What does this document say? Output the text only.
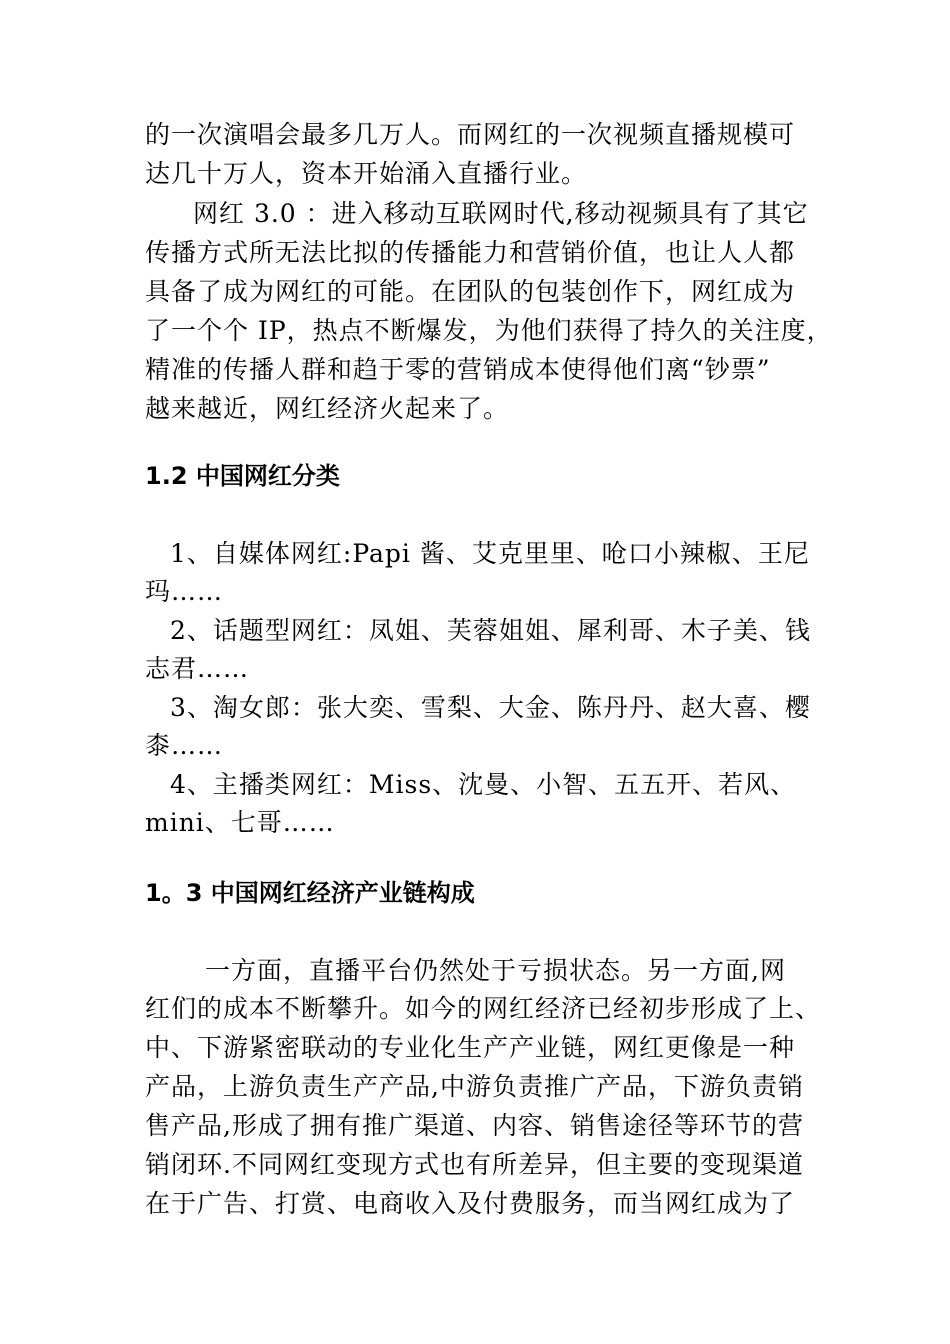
的一次演唱会最多几万人。而网红的一次视频直播规模可
达几十万人，资本开始涌入直播行业。
网红 3.0 ：进入移动互联网时代,移动视频具有了其它
传播方式所无法比拟的传播能力和营销价值，也让人人都
具备了成为网红的可能。在团队的包装创作下，网红成为
了一个个 IP，热点不断爆发，为他们获得了持久的关注度，
精准的传播人群和趋于零的营销成本使得他们离“钞票”
越来越近，网红经济火起来了。
1.2 中国网红分类
1、自媒体网红:Papi 酱、艾克里里、呛口小辣椒、王尼
玛……
2、话题型网红：凤姐、芙蓉姐姐、犀利哥、木子美、钱
志君……
3、淘女郎：张大奕、雪梨、大金、陈丹丹、赵大喜、樱
桼……
4、主播类网红：Miss、沈曼、小智、五五开、若风、
mini、七哥……
1。3 中国网红经济产业链构成
一方面，直播平台仍然处于亏损状态。另一方面,网
红们的成本不断攀升。如今的网红经济已经初步形成了上、
中、下游紧密联动的专业化生产产业链，网红更像是一种
产品，上游负责生产产品,中游负责推广产品，下游负责销
售产品,形成了拥有推广渠道、内容、销售途径等环节的营
销闭环.不同网红变现方式也有所差异，但主要的变现渠道
在于广告、打赏、电商收入及付费服务，而当网红成为了
